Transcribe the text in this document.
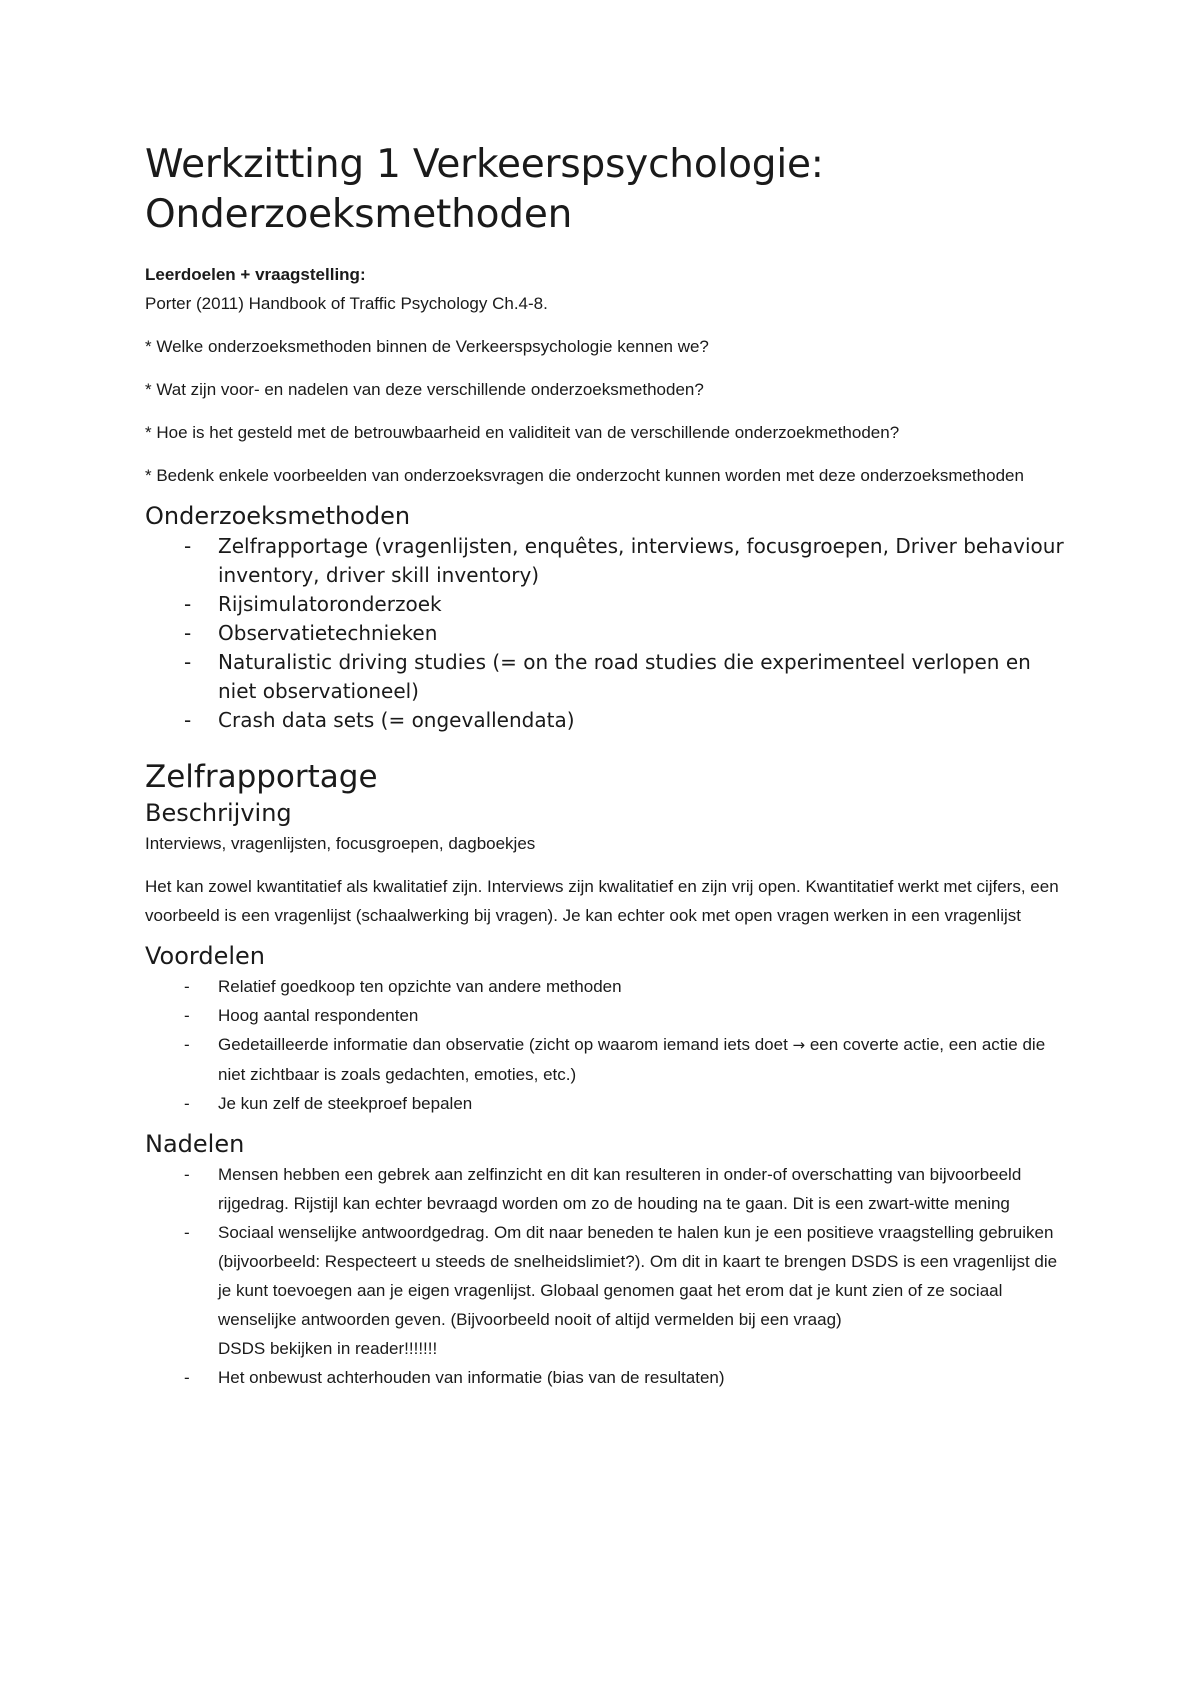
Werkzitting 1 Verkeerspsychologie: Onderzoeksmethoden

Leerdoelen + vraagstelling:

Porter (2011) Handbook of Traffic Psychology Ch.4-8.

* Welke onderzoeksmethoden binnen de Verkeerspsychologie kennen we?

* Wat zijn voor- en nadelen van deze verschillende onderzoeksmethoden?

* Hoe is het gesteld met de betrouwbaarheid en validiteit van de verschillende onderzoekmethoden?

* Bedenk enkele voorbeelden van onderzoeksvragen die onderzocht kunnen worden met deze onderzoeksmethoden

Onderzoeksmethoden
- Zelfrapportage (vragenlijsten, enquêtes, interviews, focusgroepen, Driver behaviour inventory, driver skill inventory)
- Rijsimulatoronderzoek
- Observatietechnieken
- Naturalistic driving studies (= on the road studies die experimenteel verlopen en niet observationeel)
- Crash data sets (= ongevallendata)
Zelfrapportage
Beschrijving

Interviews, vragenlijsten, focusgroepen, dagboekjes

Het kan zowel kwantitatief als kwalitatief zijn. Interviews zijn kwalitatief en zijn vrij open. Kwantitatief werkt met cijfers, een voorbeeld is een vragenlijst (schaalwerking bij vragen). Je kan echter ook met open vragen werken in een vragenlijst

Voordelen
- Relatief goedkoop ten opzichte van andere methoden
- Hoog aantal respondenten
- Gedetailleerde informatie dan observatie (zicht op waarom iemand iets doet → een coverte actie, een actie die niet zichtbaar is zoals gedachten, emoties, etc.)
- Je kun zelf de steekproef bepalen
Nadelen
- Mensen hebben een gebrek aan zelfinzicht en dit kan resulteren in onder-of overschatting van bijvoorbeeld rijgedrag. Rijstijl kan echter bevraagd worden om zo de houding na te gaan. Dit is een zwart-witte mening
- Sociaal wenselijke antwoordgedrag. Om dit naar beneden te halen kun je een positieve vraagstelling gebruiken (bijvoorbeeld: Respecteert u steeds de snelheidslimiet?). Om dit in kaart te brengen DSDS is een vragenlijst die je kunt toevoegen aan je eigen vragenlijst. Globaal genomen gaat het erom dat je kunt zien of ze sociaal wenselijke antwoorden geven. (Bijvoorbeeld nooit of altijd vermelden bij een vraag)
DSDS bekijken in reader!!!!!!!
- Het onbewust achterhouden van informatie (bias van de resultaten)
